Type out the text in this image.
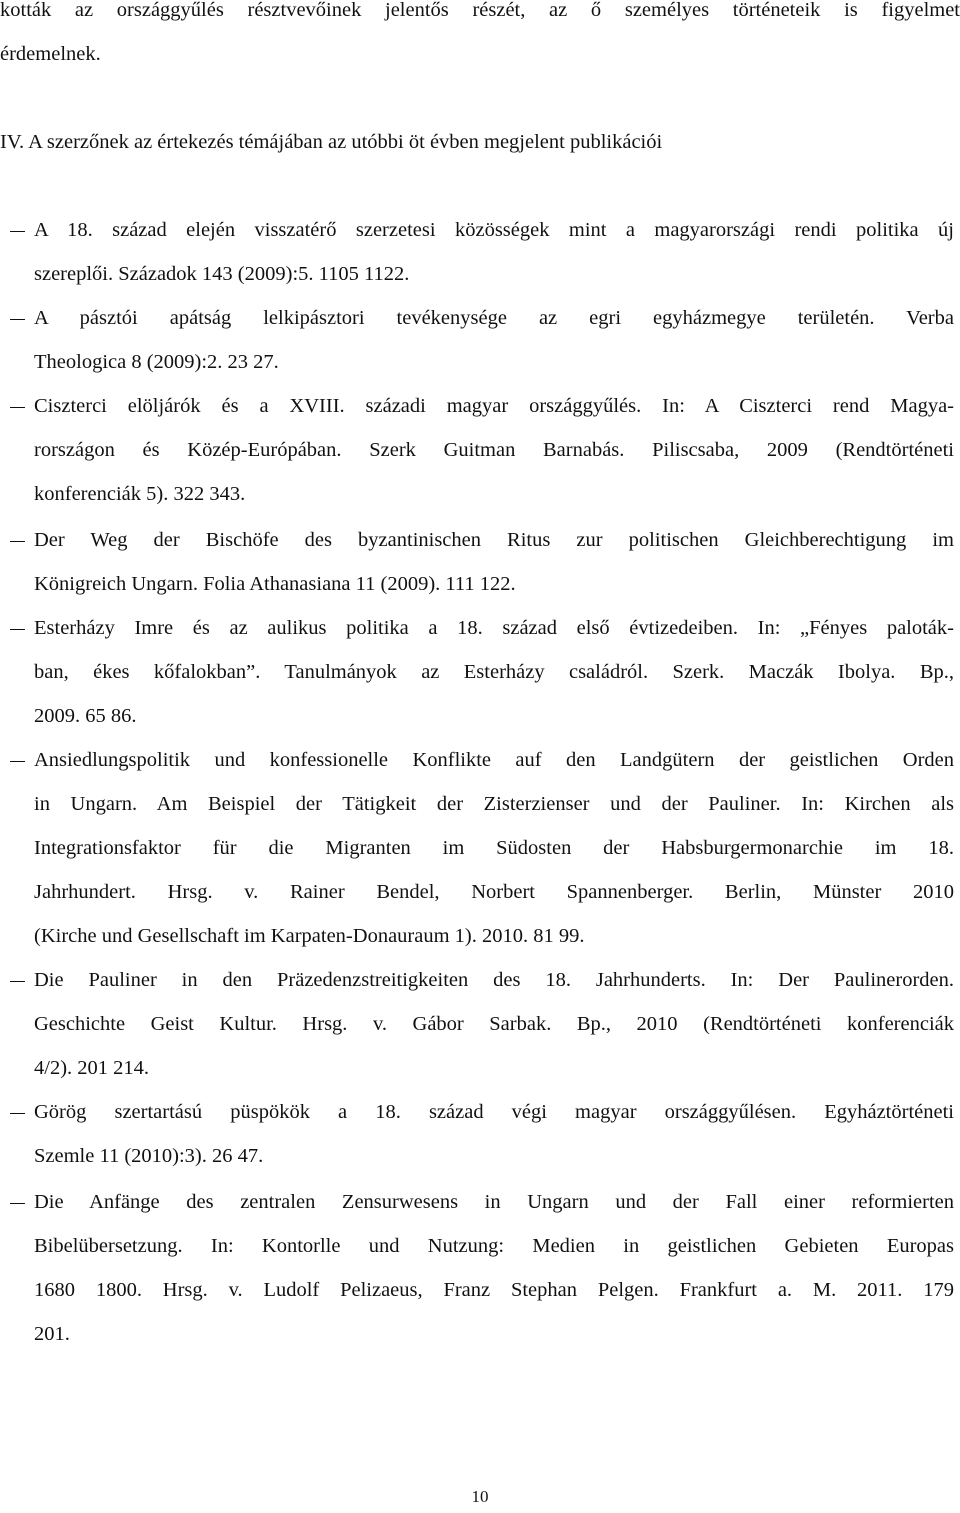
kották az országgyűlés résztvevőinek jelentős részét, az ő személyes történeteik is figyelmet
érdemelnek.
IV. A szerzőnek az értekezés témájában az utóbbi öt évben megjelent publikációi
A 18. század elején visszatérő szerzetesi közösségek mint a magyarországi rendi politika új
szereplői. Századok 143 (2009):5. 1105 1122.
A pásztói apátság lelkipásztori tevékenysége az egri egyházmegye területén. Verba
Theologica 8 (2009):2. 23 27.
Ciszterci elöljárók és a XVIII. századi magyar országgyűlés. In: A Ciszterci rend Magya-
rországon és Közép-Európában. Szerk Guitman Barnabás. Piliscsaba, 2009 (Rendtörténeti
konferenciák 5). 322 343.
Der Weg der Bischöfe des byzantinischen Ritus zur politischen Gleichberechtigung im
Königreich Ungarn. Folia Athanasiana 11 (2009). 111 122.
Esterházy Imre és az aulikus politika a 18. század első évtizedeiben. In: „Fényes paloták-
ban, ékes kőfalokban”. Tanulmányok az Esterházy családról. Szerk. Maczák Ibolya. Bp.,
2009. 65 86.
Ansiedlungspolitik und konfessionelle Konflikte auf den Landgütern der geistlichen Orden
in Ungarn. Am Beispiel der Tätigkeit der Zisterzienser und der Pauliner. In: Kirchen als
Integrationsfaktor für die Migranten im Südosten der Habsburgermonarchie im 18.
Jahrhundert. Hrsg. v. Rainer Bendel, Norbert Spannenberger. Berlin, Münster 2010
(Kirche und Gesellschaft im Karpaten-Donauraum 1). 2010. 81 99.
Die Pauliner in den Präzedenzstreitigkeiten des 18. Jahrhunderts. In: Der Paulinerorden.
Geschichte Geist Kultur. Hrsg. v. Gábor Sarbak. Bp., 2010 (Rendtörténeti konferenciák
4/2). 201 214.
Görög szertartású püspökök a 18. század végi magyar országgyűlésen. Egyháztörténeti
Szemle 11 (2010):3). 26 47.
Die Anfänge des zentralen Zensurwesens in Ungarn und der Fall einer reformierten
Bibelübersetzung. In: Kontorlle und Nutzung: Medien in geistlichen Gebieten Europas
1680 1800. Hrsg. v. Ludolf Pelizaeus, Franz Stephan Pelgen. Frankfurt a. M. 2011. 179
201.
10
